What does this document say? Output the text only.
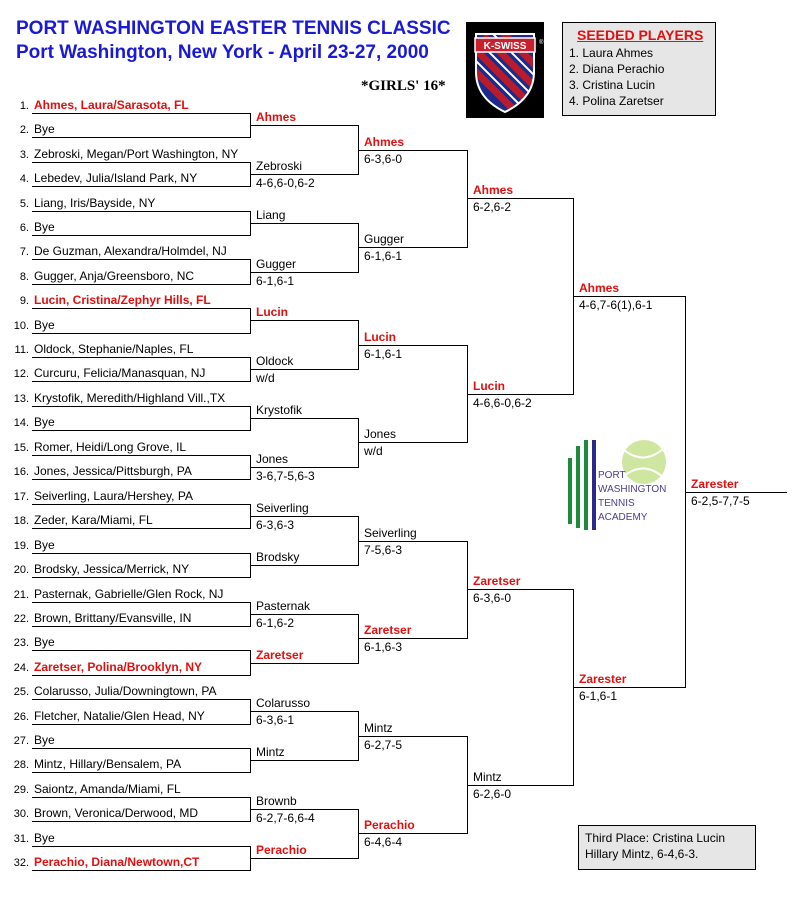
PORT WASHINGTON EASTER TENNIS CLASSIC
Port Washington, New York - April 23-27, 2000
*GIRLS' 16*
K-SWISS ® SEEDED PLAYERS
1. Laura Ahmes
2. Diana Perachio
3. Cristina Lucin
4. Polina Zaretser
PORT
WASHINGTON
TENNIS
ACADEMY
Third Place: Cristina Lucin
Hillary Mintz, 6-4,6-3.
1. Ahmes, Laura/Sarasota, FL
2. Bye
3. Zebroski, Megan/Port Washington, NY
4. Lebedev, Julia/Island Park, NY
5. Liang, Iris/Bayside, NY
6. Bye
7. De Guzman, Alexandra/Holmdel, NJ
8. Gugger, Anja/Greensboro, NC
9. Lucin, Cristina/Zephyr Hills, FL
10. Bye
11. Oldock, Stephanie/Naples, FL
12. Curcuru, Felicia/Manasquan, NJ
13. Krystofik, Meredith/Highland Vill.,TX
14. Bye
15. Romer, Heidi/Long Grove, IL
16. Jones, Jessica/Pittsburgh, PA
17. Seiverling, Laura/Hershey, PA
18. Zeder, Kara/Miami, FL
19. Bye
20. Brodsky, Jessica/Merrick, NY
21. Pasternak, Gabrielle/Glen Rock, NJ
22. Brown, Brittany/Evansville, IN
23. Bye
24. Zaretser, Polina/Brooklyn, NY
25. Colarusso, Julia/Downingtown, PA
26. Fletcher, Natalie/Glen Head, NY
27. Bye
28. Mintz, Hillary/Bensalem, PA
29. Saiontz, Amanda/Miami, FL
30. Brown, Veronica/Derwood, MD
31. Bye
32. Perachio, Diana/Newtown,CT
Ahmes
Zebroski
4-6,6-0,6-2
Liang
Gugger
6-1,6-1
Lucin
Oldock
w/d
Krystofik
Jones
3-6,7-5,6-3
Seiverling
6-3,6-3
Brodsky
Pasternak
6-1,6-2
Zaretser
Colarusso
6-3,6-1
Mintz
Brownb
6-2,7-6,6-4
Perachio
Ahmes
6-3,6-0
Gugger
6-1,6-1
Lucin
6-1,6-1
Jones
w/d
Seiverling
7-5,6-3
Zaretser
6-1,6-3
Mintz
6-2,7-5
Perachio
6-4,6-4
Ahmes
6-2,6-2
Lucin
4-6,6-0,6-2
Zaretser
6-3,6-0
Mintz
6-2,6-0
Ahmes
4-6,7-6(1),6-1
Zarester
6-1,6-1
Zarester
6-2,5-7,7-5
